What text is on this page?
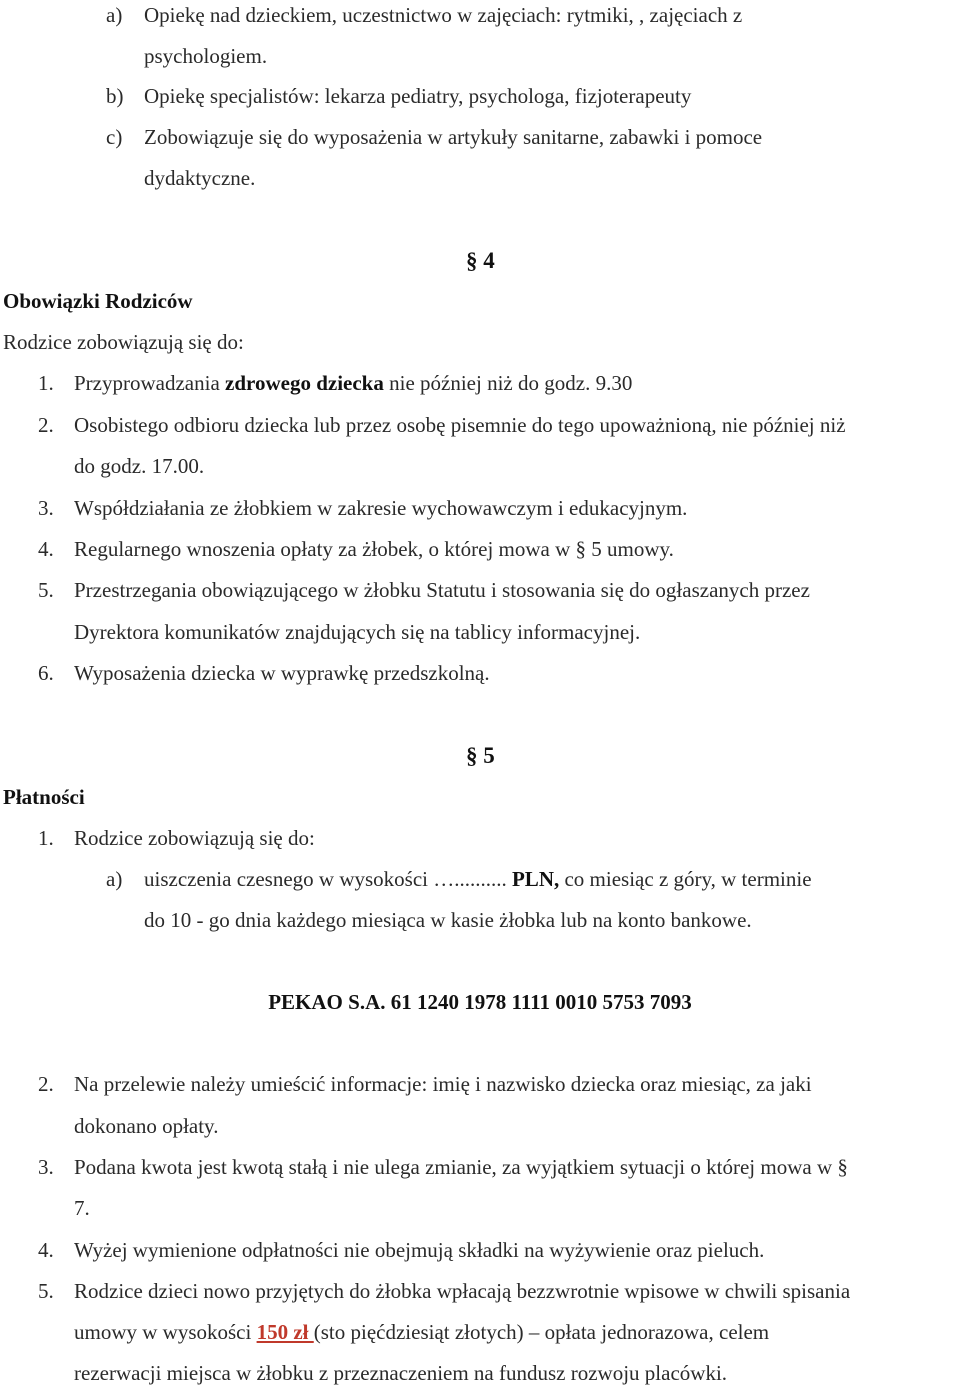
a) Opiekę nad dzieckiem, uczestnictwo w zajęciach: rytmiki, , zajęciach z
psychologiem.
b) Opiekę specjalistów: lekarza pediatry, psychologa, fizjoterapeuty
c) Zobowiązuje się do wyposażenia w artykuły sanitarne, zabawki i pomoce
dydaktyczne.
§ 4
Obowiązki Rodziców
Rodzice zobowiązują się do:
1. Przyprowadzania zdrowego dziecka nie później niż do godz. 9.30
2. Osobistego odbioru dziecka lub przez osobę pisemnie do tego upoważnioną, nie później niż
do godz. 17.00.
3. Współdziałania ze żłobkiem w zakresie wychowawczym i edukacyjnym.
4. Regularnego wnoszenia opłaty za żłobek, o której mowa w § 5 umowy.
5. Przestrzegania obowiązującego w żłobku Statutu i stosowania się do ogłaszanych przez
Dyrektora komunikatów znajdujących się na tablicy informacyjnej.
6. Wyposażenia dziecka w wyprawkę przedszkolną.
§ 5
Płatności
1. Rodzice zobowiązują się do:
a) uiszczenia czesnego w wysokości ….......... PLN, co miesiąc z góry, w terminie
do 10 - go dnia każdego miesiąca w kasie żłobka lub na konto bankowe.
PEKAO S.A. 61 1240 1978 1111 0010 5753 7093
2. Na przelewie należy umieścić informacje: imię i nazwisko dziecka oraz miesiąc, za jaki
dokonano opłaty.
3. Podana kwota jest kwotą stałą i nie ulega zmianie, za wyjątkiem sytuacji o której mowa w §
7.
4. Wyżej wymienione odpłatności nie obejmują składki na wyżywienie oraz pieluch.
5. Rodzice dzieci nowo przyjętych do żłobka wpłacają bezzwrotnie wpisowe w chwili spisania
umowy w wysokości 150 zł (sto pięćdziesiąt złotych) – opłata jednorazowa, celem
rezerwacji miejsca w żłobku z przeznaczeniem na fundusz rozwoju placówki.
